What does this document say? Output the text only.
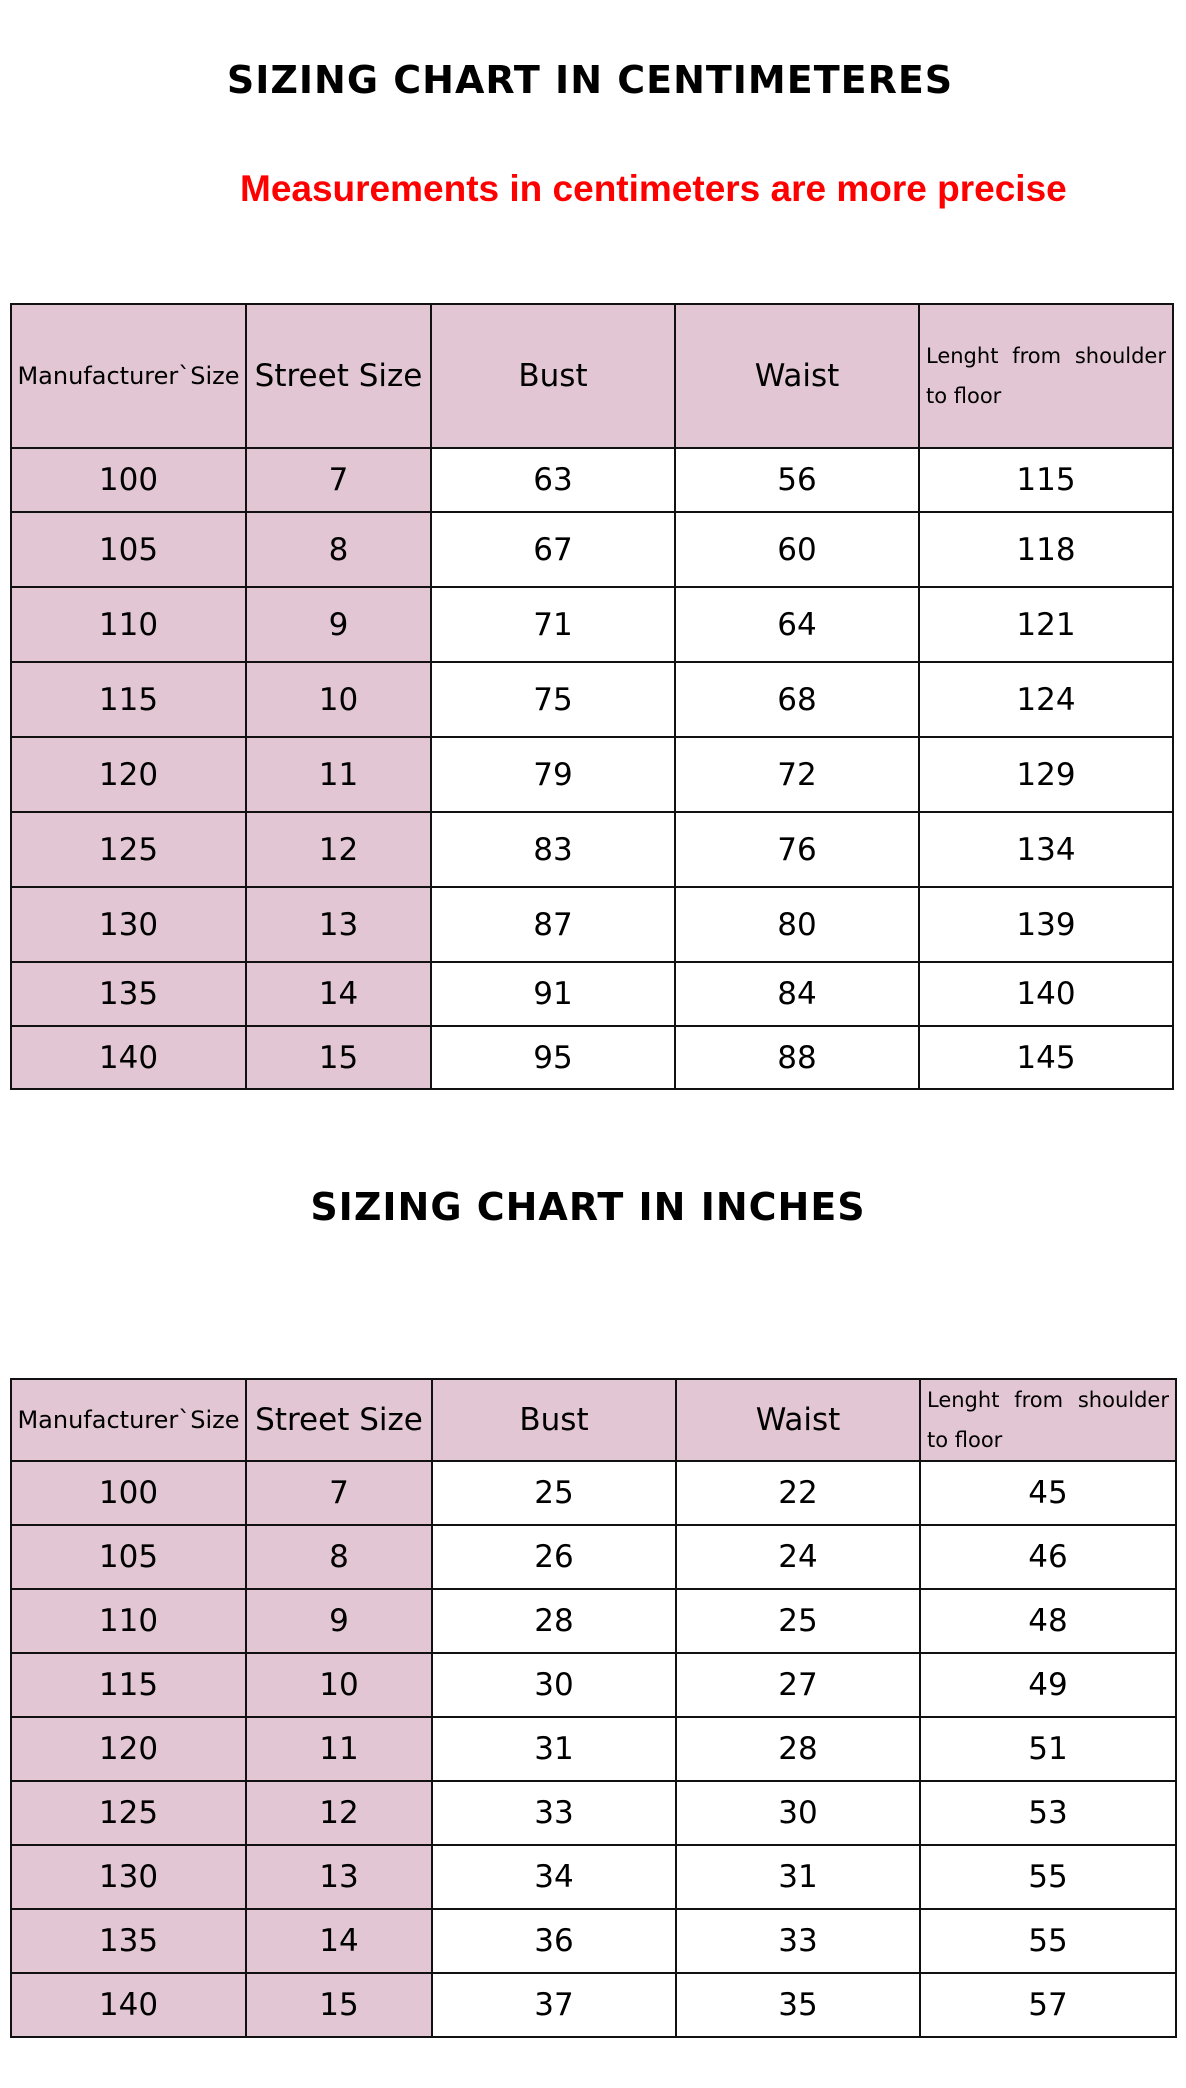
SIZING CHART IN CENTIMETERES
Measurements in centimeters are more precise
Manufacturer`Size	Street Size	Bust	Waist	Lenght from shoulder
to floor

100	7	63	56	115
105	8	67	60	118
110	9	71	64	121
115	10	75	68	124
120	11	79	72	129
125	12	83	76	134
130	13	87	80	139
135	14	91	84	140
140	15	95	88	145
SIZING CHART IN INCHES
Manufacturer`Size	Street Size	Bust	Waist	Lenght from shoulder
to floor

100	7	25	22	45
105	8	26	24	46
110	9	28	25	48
115	10	30	27	49
120	11	31	28	51
125	12	33	30	53
130	13	34	31	55
135	14	36	33	55
140	15	37	35	57
